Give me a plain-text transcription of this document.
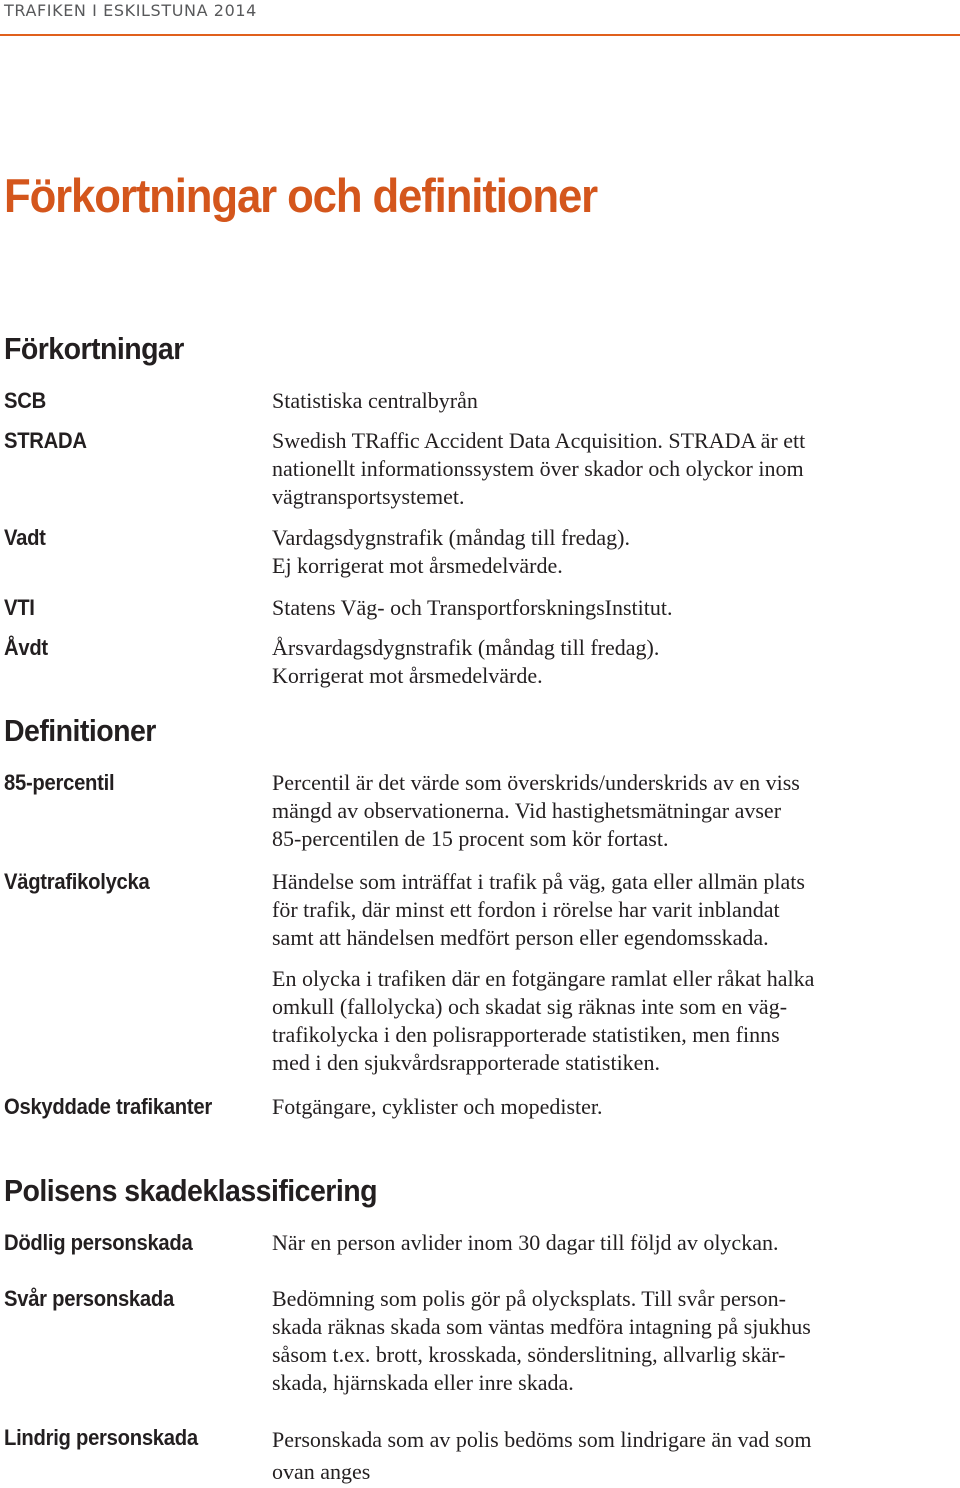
TRAFIKEN I ESKILSTUNA 2014
Förkortningar och definitioner
Förkortningar
SCB	Statistiska centralbyrån
STRADA	Swedish TRaffic Accident Data Acquisition. STRADA är ett
nationellt informationssystem över skador och olyckor inom
vägtransportsystemet.
Vadt	Vardagsdygnstrafik (måndag till fredag).
Ej korrigerat mot årsmedelvärde.
VTI	Statens Väg- och TransportforskningsInstitut.
Åvdt	Årsvardagsdygnstrafik (måndag till fredag).
Korrigerat mot årsmedelvärde.
Definitioner
85-percentil	Percentil är det värde som överskrids/underskrids av en viss
mängd av observationerna. Vid hastighetsmätningar avser
85-percentilen de 15 procent som kör fortast.
Vägtrafikolycka	Händelse som inträffat i trafik på väg, gata eller allmän plats
för trafik, där minst ett fordon i rörelse har varit inblandat
samt att händelsen medfört person eller egendomsskada.
En olycka i trafiken där en fotgängare ramlat eller råkat halka
omkull (fallolycka) och skadat sig räknas inte som en väg-
trafikolycka i den polisrapporterade statistiken, men finns
med i den sjukvårdsrapporterade statistiken.
Oskyddade trafikanter	Fotgängare, cyklister och mopedister.
Polisens skadeklassificering
Dödlig personskada	När en person avlider inom 30 dagar till följd av olyckan.
Svår personskada	Bedömning som polis gör på olycksplats. Till svår person-
skada räknas skada som väntas medföra intagning på sjukhus
såsom t.ex. brott, krosskada, sönderslitning, allvarlig skär-
skada, hjärnskada eller inre skada.
Lindrig personskada	Personskada som av polis bedöms som lindrigare än vad som
ovan anges
